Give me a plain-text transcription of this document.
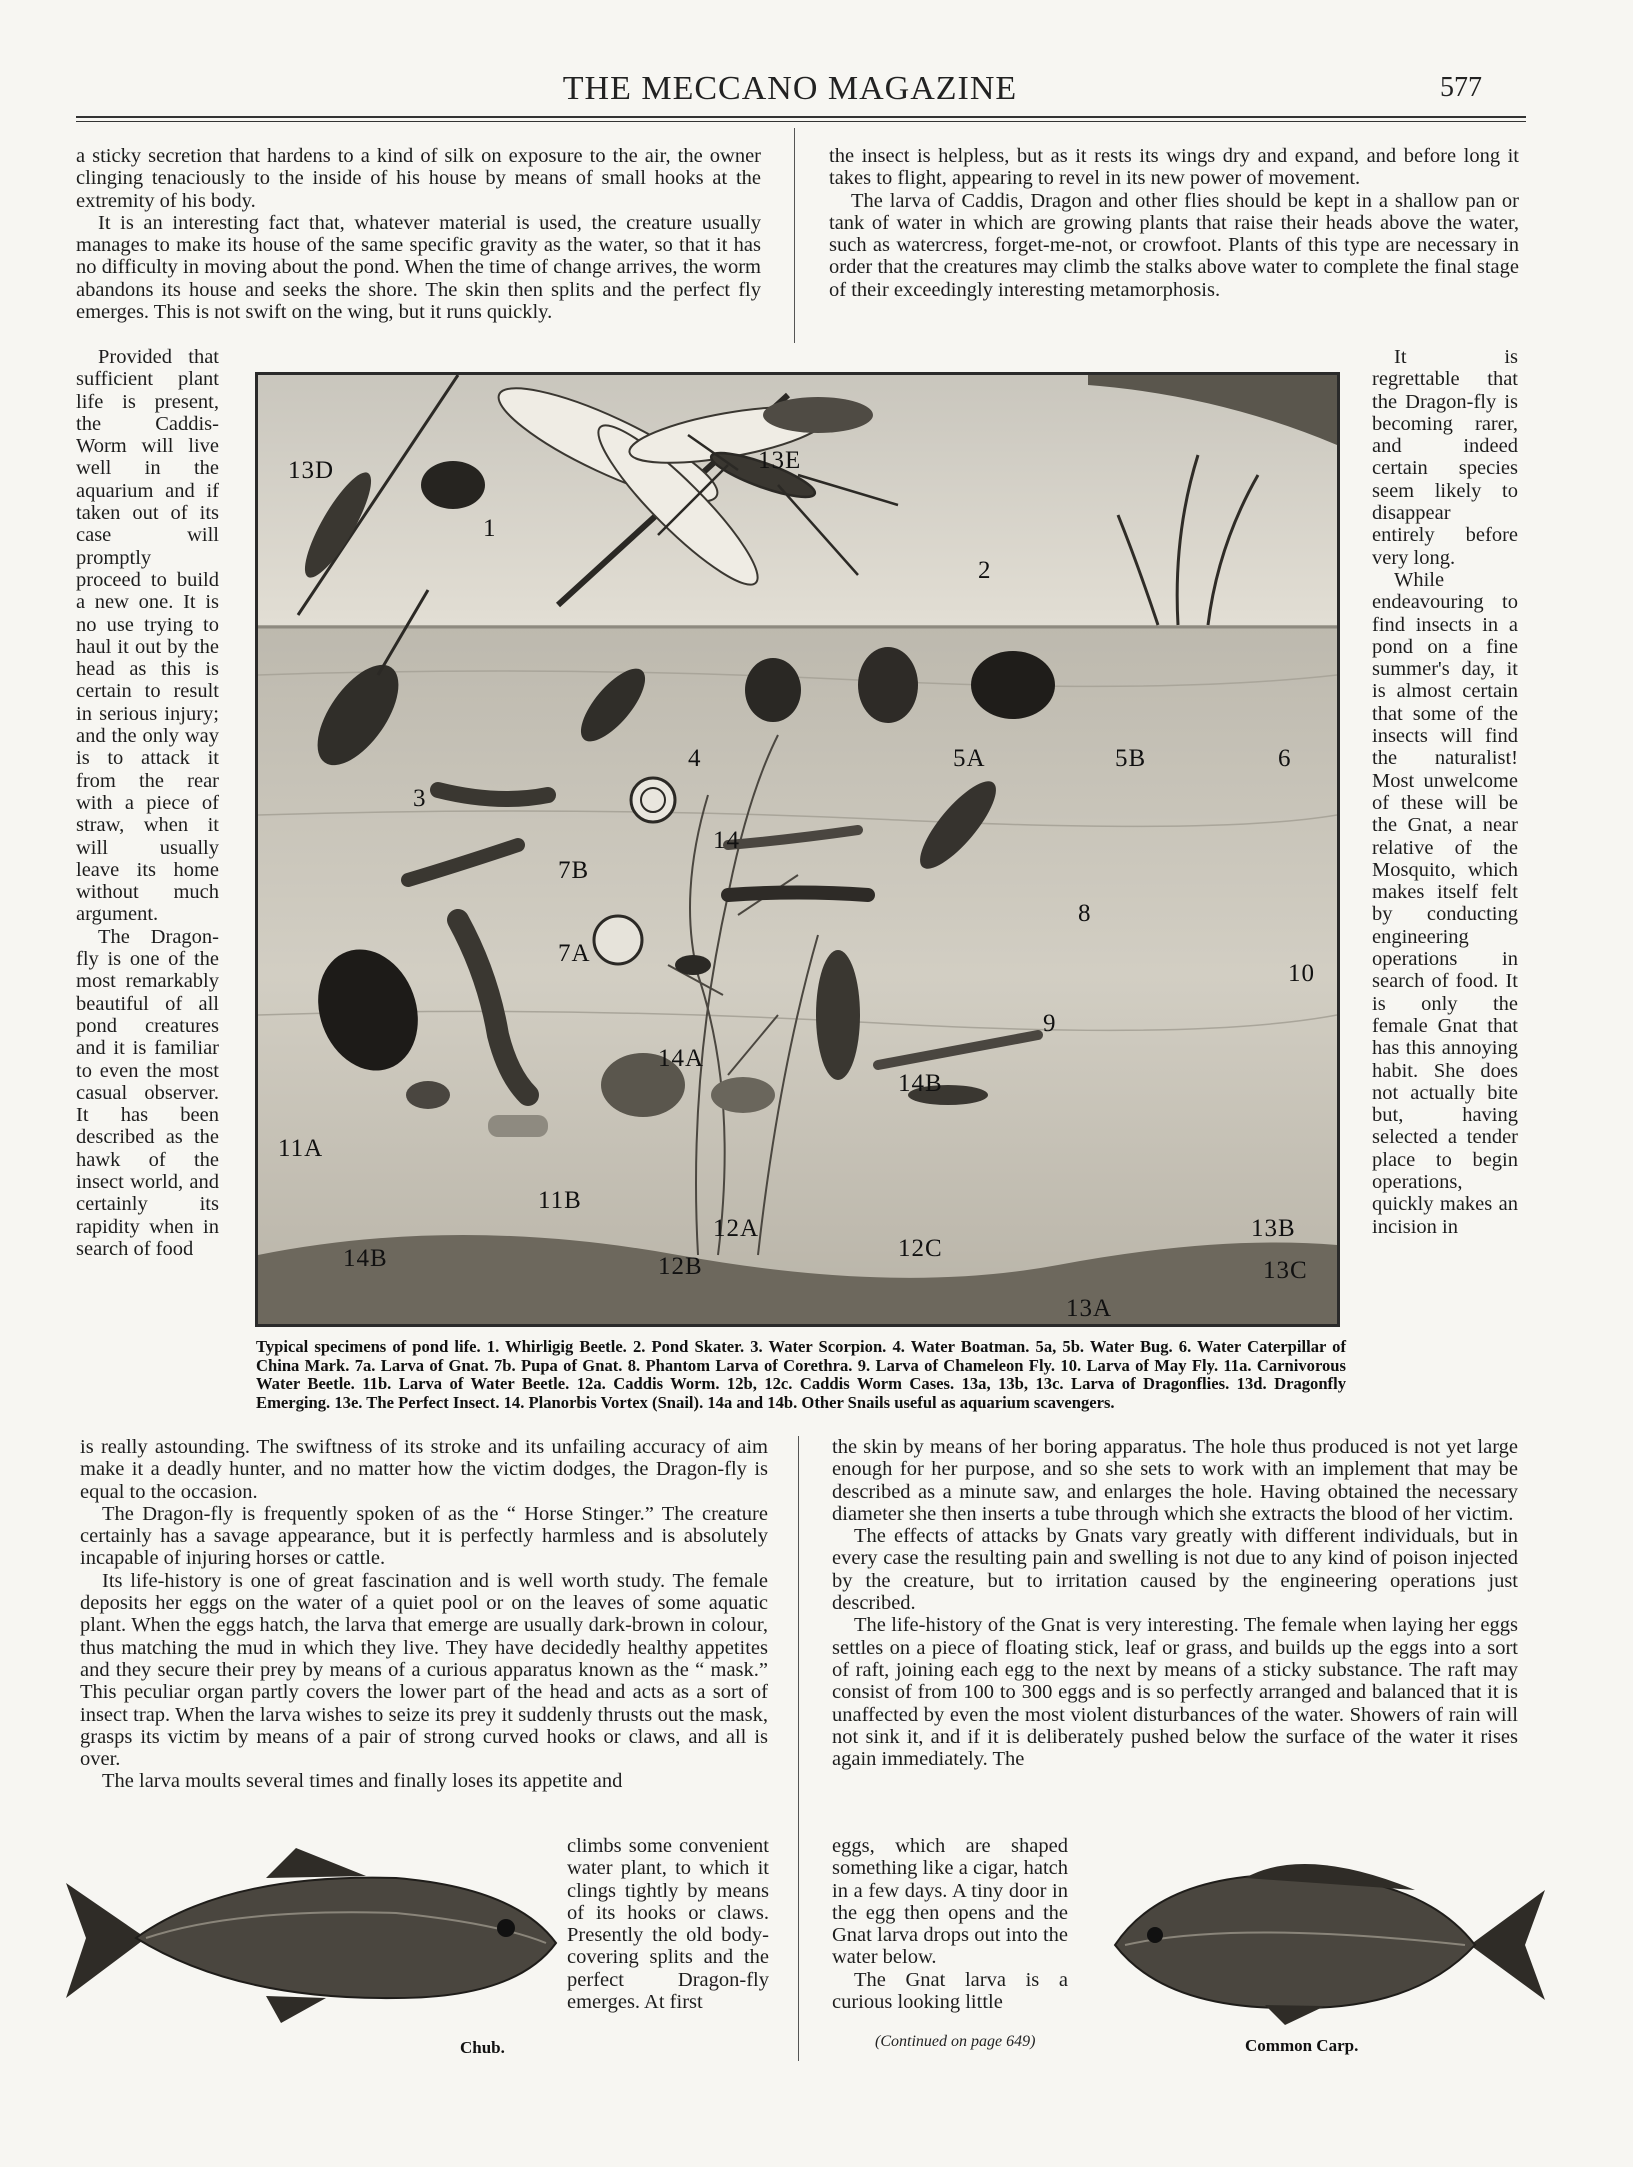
THE MECCANO MAGAZINE	577

a sticky secretion that hardens to a kind of silk on exposure to the air, the owner clinging tenaciously to the inside of his house by means of small hooks at the extremity of his body.

It is an interesting fact that, whatever material is used, the creature usually manages to make its house of the same specific gravity as the water, so that it has no difficulty in moving about the pond. When the time of change arrives, the worm abandons its house and seeks the shore. The skin then splits and the perfect fly emerges. This is not swift on the wing, but it runs quickly.

the insect is helpless, but as it rests its wings dry and expand, and before long it takes to flight, appearing to revel in its new power of movement.

The larva of Caddis, Dragon and other flies should be kept in a shallow pan or tank of water in which are growing plants that raise their heads above the water, such as watercress, forget-me-not, or crowfoot. Plants of this type are necessary in order that the creatures may climb the stalks above water to complete the final stage of their exceedingly interesting metamorphosis.

Provided that sufficient plant life is present, the Caddis-Worm will live well in the aquarium and if taken out of its case will promptly proceed to build a new one. It is no use trying to haul it out by the head as this is certain to result in serious injury; and the only way is to attack it from the rear with a piece of straw, when it will usually leave its home without much argument.

The Dragon-fly is one of the most remarkably beautiful of all pond creatures and it is familiar to even the most casual observer. It has been described as the hawk of the insect world, and certainly its rapidity when in search of food

It is regrettable that the Dragon-fly is becoming rarer, and indeed certain species seem likely to disappear entirely before very long.

While endeavouring to find insects in a pond on a fine summer's day, it is almost certain that some of the insects will find the naturalist! Most unwelcome of these will be the Gnat, a near relative of the Mosquito, which makes itself felt by conducting engineering operations in search of food. It is only the female Gnat that has this annoying habit. She does not actually bite but, having selected a tender place to begin operations, quickly makes an incision in

13D
1
13E
2
3
4	5A	5B	6
7B
14
8
7A
10
9
14A
14B
11A
11B
12A
12B
12C
13B
14B	13C
13A
Typical specimens of pond life. 1. Whirligig Beetle. 2. Pond Skater. 3. Water Scorpion. 4. Water Boatman. 5a, 5b. Water Bug. 6. Water Caterpillar of China Mark. 7a. Larva of Gnat. 7b. Pupa of Gnat. 8. Phantom Larva of Corethra. 9. Larva of Chameleon Fly. 10. Larva of May Fly. 11a. Carnivorous Water Beetle. 11b. Larva of Water Beetle. 12a. Caddis Worm. 12b, 12c. Caddis Worm Cases. 13a, 13b, 13c. Larva of Dragonflies. 13d. Dragonfly Emerging. 13e. The Perfect Insect. 14. Planorbis Vortex (Snail). 14a and 14b. Other Snails useful as aquarium scavengers.

is really astounding. The swiftness of its stroke and its unfailing accuracy of aim make it a deadly hunter, and no matter how the victim dodges, the Dragon-fly is equal to the occasion.

The Dragon-fly is frequently spoken of as the “ Horse Stinger.” The creature certainly has a savage appearance, but it is perfectly harmless and is absolutely incapable of injuring horses or cattle.

Its life-history is one of great fascination and is well worth study. The female deposits her eggs on the water of a quiet pool or on the leaves of some aquatic plant. When the eggs hatch, the larva that emerge are usually dark-brown in colour, thus matching the mud in which they live. They have decidedly healthy appetites and they secure their prey by means of a curious apparatus known as the “ mask.” This peculiar organ partly covers the lower part of the head and acts as a sort of insect trap. When the larva wishes to seize its prey it suddenly thrusts out the mask, grasps its victim by means of a pair of strong curved hooks or claws, and all is over.

The larva moults several times and finally loses its appetite and

climbs some convenient water plant, to which it clings tightly by means of its hooks or claws. Presently the old body-covering splits and the perfect Dragon-fly emerges. At first

the skin by means of her boring apparatus. The hole thus produced is not yet large enough for her purpose, and so she sets to work with an implement that may be described as a minute saw, and enlarges the hole. Having obtained the necessary diameter she then inserts a tube through which she extracts the blood of her victim.

The effects of attacks by Gnats vary greatly with different individuals, but in every case the resulting pain and swelling is not due to any kind of poison injected by the creature, but to irritation caused by the engineering operations just described.

The life-history of the Gnat is very interesting. The female when laying her eggs settles on a piece of floating stick, leaf or grass, and builds up the eggs into a sort of raft, joining each egg to the next by means of a sticky substance. The raft may consist of from 100 to 300 eggs and is so perfectly arranged and balanced that it is unaffected by even the most violent disturbances of the water. Showers of rain will not sink it, and if it is deliberately pushed below the surface of the water it rises again immediately. The

eggs, which are shaped something like a cigar, hatch in a few days. A tiny door in the egg then opens and the Gnat larva drops out into the water below.

The Gnat larva is a curious looking little

(Continued on page 649)
Chub.	Common Carp.
